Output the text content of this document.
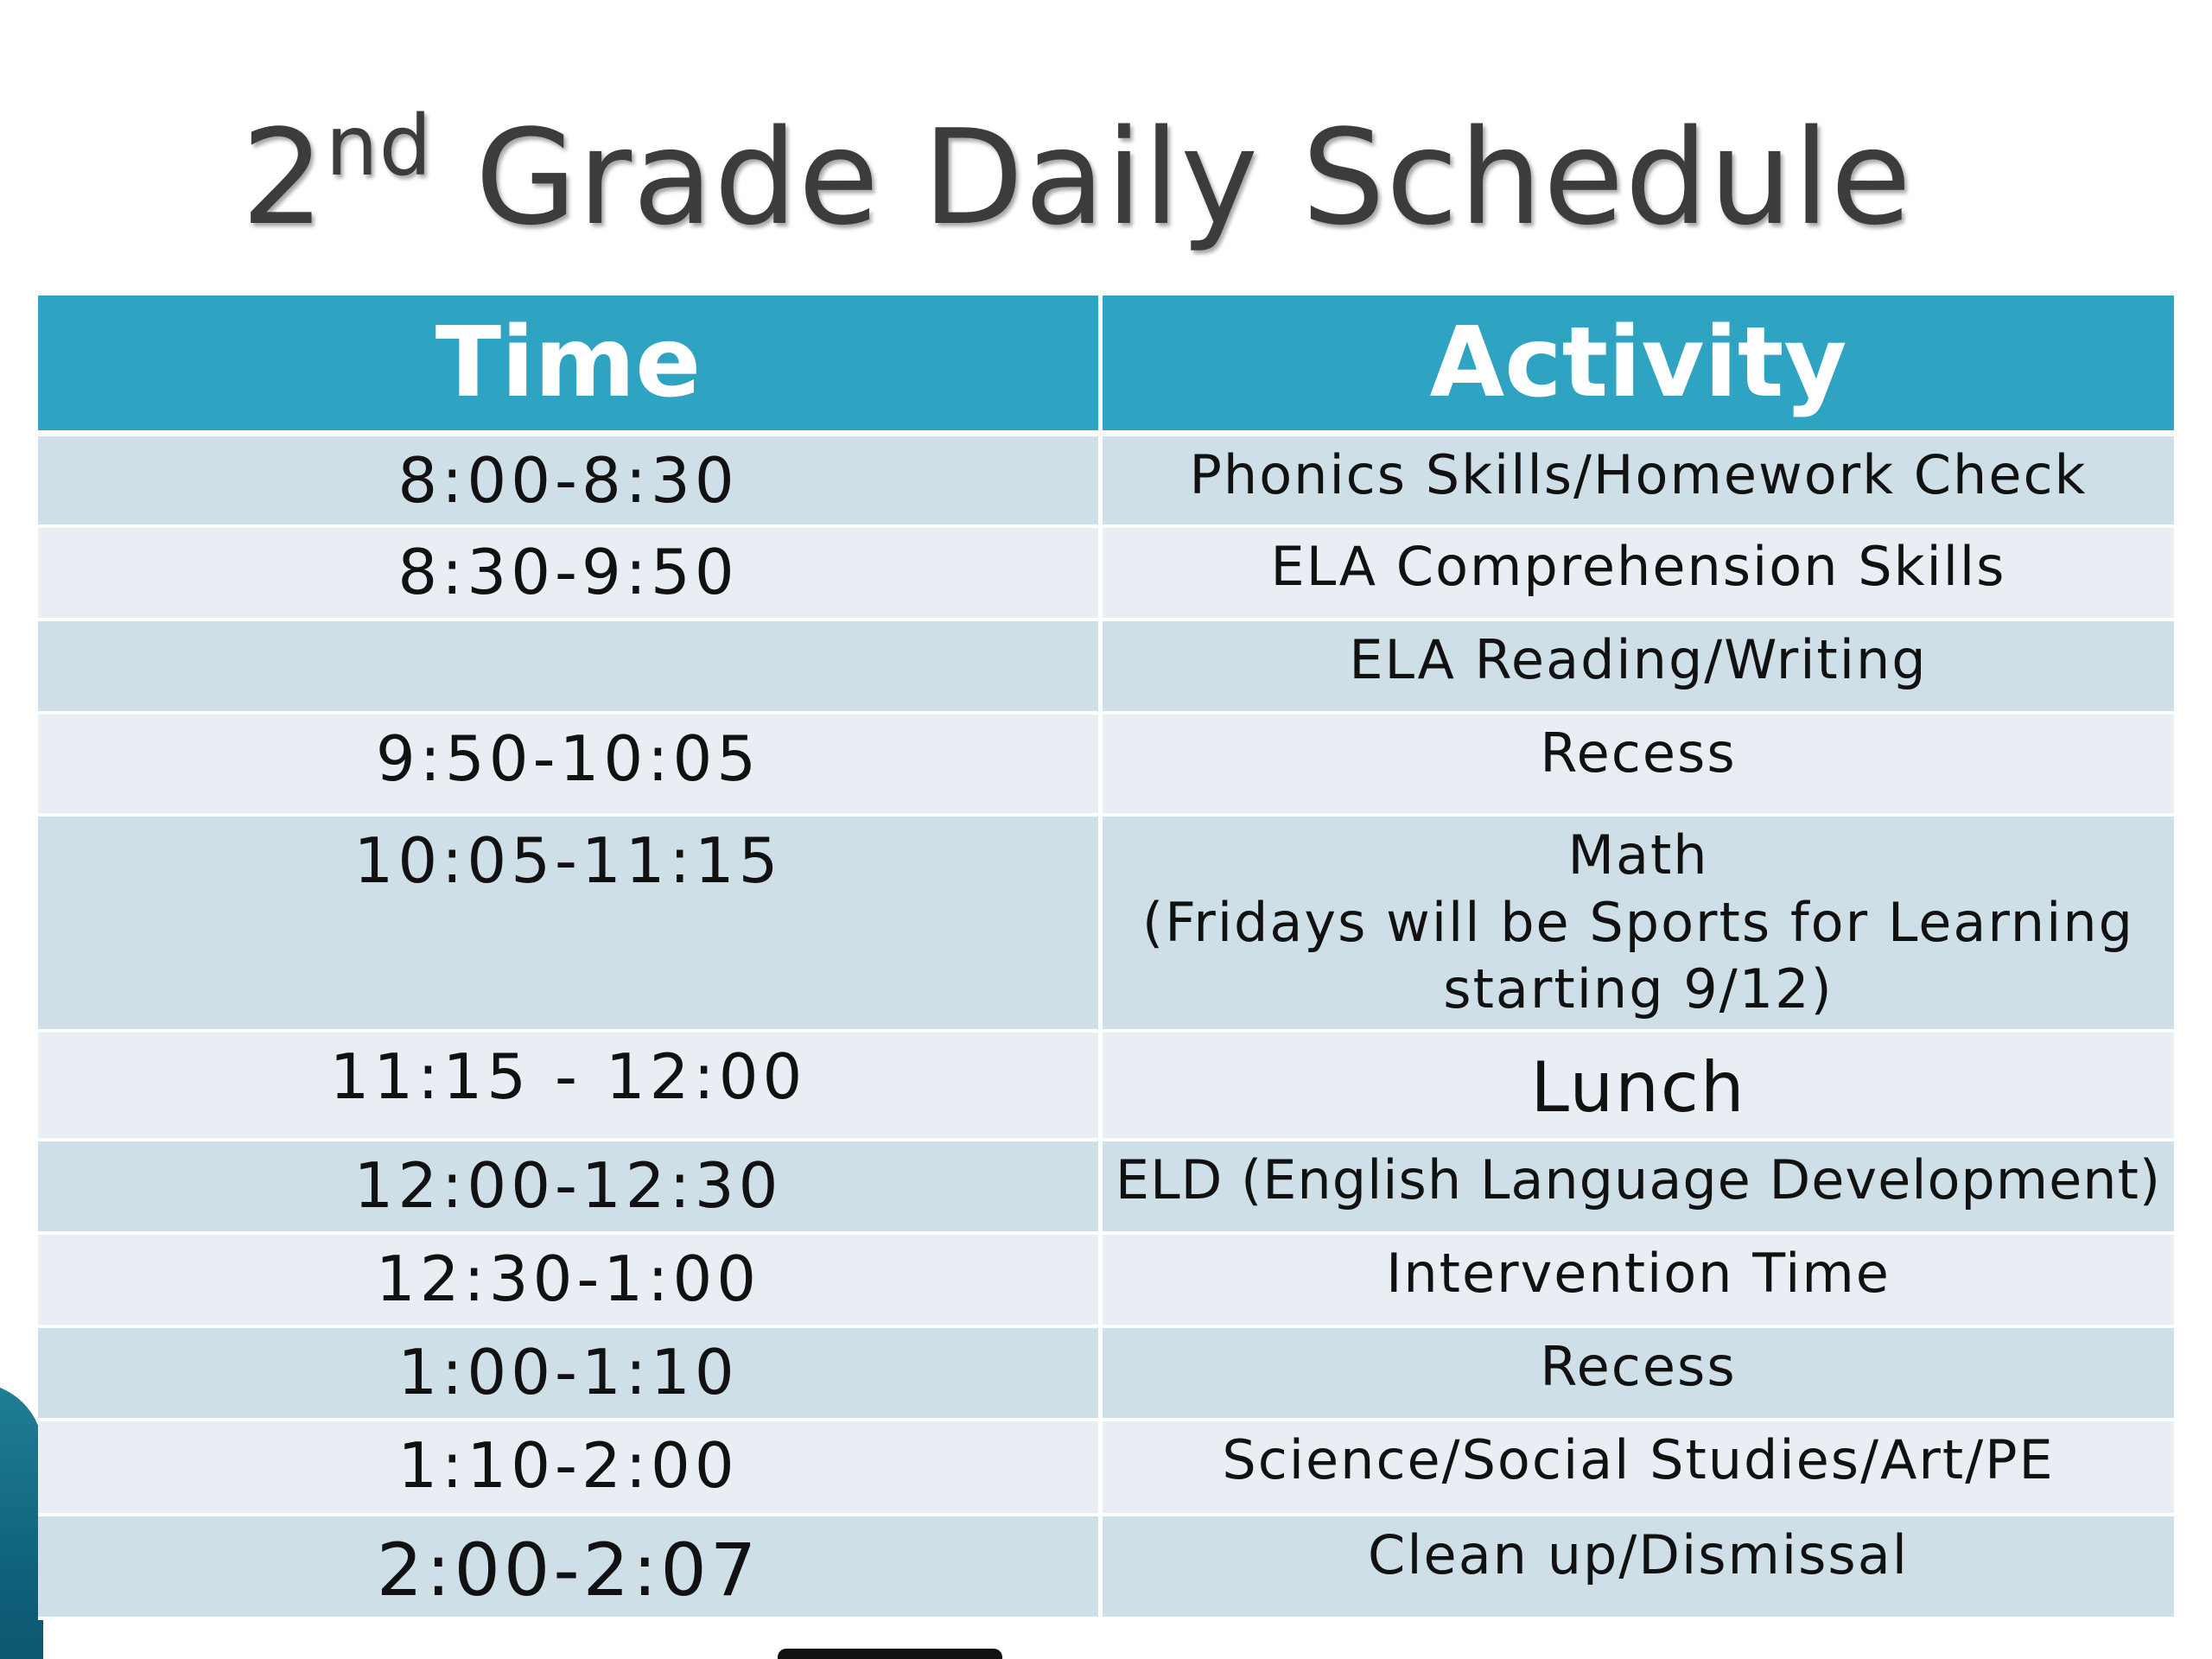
2nd Grade Daily Schedule
Time	Activity
8:00-8:30	Phonics Skills/Homework Check

8:30-9:50	ELA Comprehension Skills

	ELA Reading/Writing

9:50-10:05	Recess

10:05-11:15	Math
(Fridays will be Sports for Learning
starting 9/12)

11:15 - 12:00	Lunch

12:00-12:30	ELD (English Language Development)

12:30-1:00	Intervention Time

1:00-1:10	Recess

1:10-2:00	Science/Social Studies/Art/PE

2:00-2:07	Clean up/Dismissal
